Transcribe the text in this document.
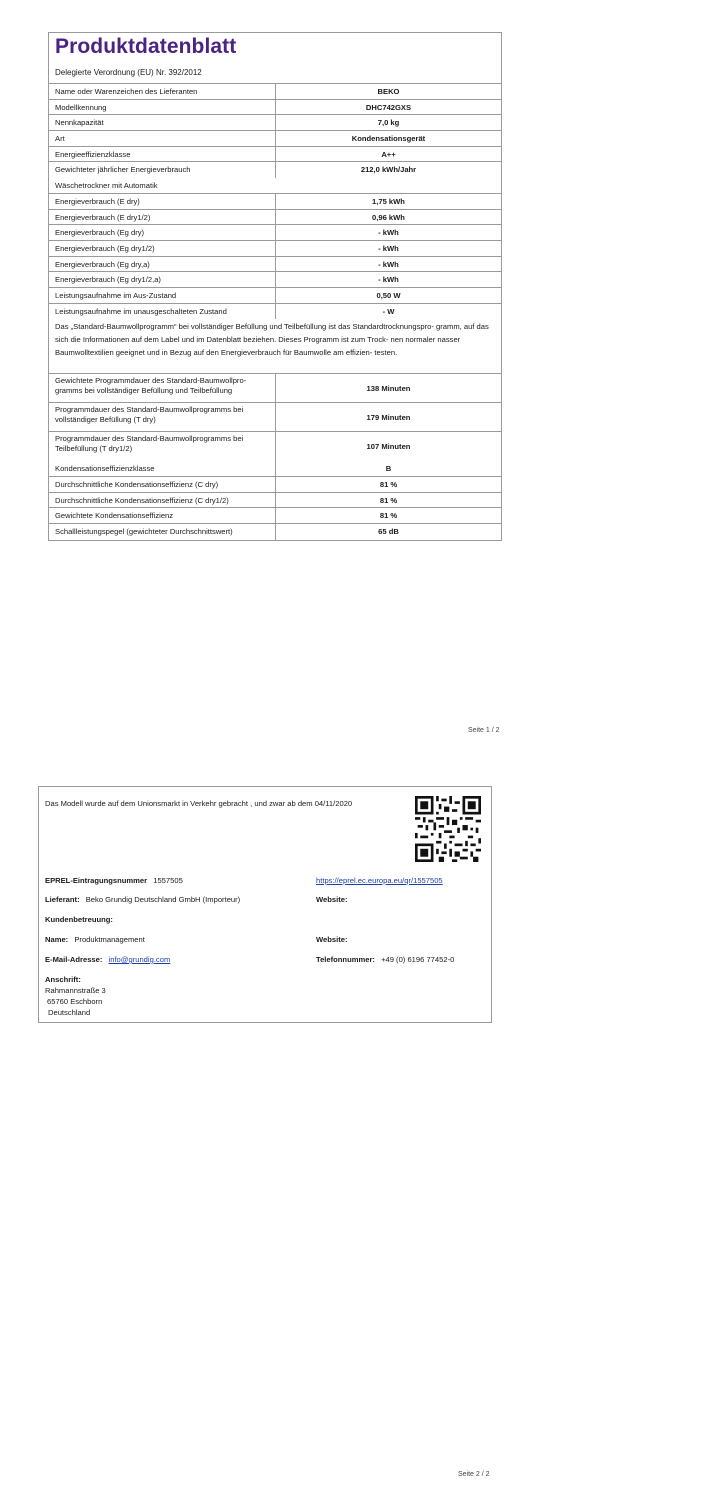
Produktdatenblatt
Delegierte Verordnung (EU) Nr. 392/2012
Name oder Warenzeichen des Lieferanten	BEKO
Modellkennung	DHC742GXS
Nennkapazität	7,0 kg
Art	Kondensationsgerät
Energieeffizienzklasse	A++
Gewichteter jährlicher Energieverbrauch	212,0 kWh/Jahr
Wäschetrockner mit Automatik
Energieverbrauch (E dry)	1,75 kWh
Energieverbrauch (E dry1/2)	0,96 kWh
Energieverbrauch (Eg dry)	- kWh
Energieverbrauch (Eg dry1/2)	- kWh
Energieverbrauch (Eg dry,a)	- kWh
Energieverbrauch (Eg dry1/2,a)	- kWh
Leistungsaufnahme im Aus-Zustand	0,50 W
Leistungsaufnahme im unausgeschalteten Zustand	- W
Das „Standard-Baumwollprogramm“ bei vollständiger Befüllung und Teilbefüllung ist das Standardtrocknungspro- gramm, auf das sich die Informationen auf dem Label und im Datenblatt beziehen. Dieses Programm ist zum Trock- nen normaler nasser Baumwolltextilien geeignet und in Bezug auf den Energieverbrauch für Baumwolle am effizien- testen.
Gewichtete Programmdauer des Standard-Baumwollpro- gramms bei vollständiger Befüllung und Teilbefüllung	138 Minuten
Programmdauer des Standard-Baumwollprogramms bei vollständiger Befüllung (T dry)	179 Minuten
Programmdauer des Standard-Baumwollprogramms bei Teilbefüllung (T dry1/2)	107 Minuten
Kondensationseffizienzklasse	B
Durchschnittliche Kondensationseffizienz (C dry)	81 %
Durchschnittliche Kondensationseffizienz (C dry1/2)	81 %
Gewichtete Kondensationseffizienz	81 %
Schallleistungspegel (gewichteter Durchschnittswert)	65 dB
Seite 1 / 2
Das Modell wurde auf dem Unionsmarkt in Verkehr gebracht , und zwar ab dem 04/11/2020
EPREL-Eintragungsnummer 1557505	https://eprel.ec.europa.eu/qr/1557505
Lieferant: Beko Grundig Deutschland GmbH (Importeur)	Website:
Kundenbetreuung:
Name: Produktmanagement	Website:
E-Mail-Adresse: info@grundig.com	Telefonnummer: +49 (0) 6196 77452-0
Anschrift:
Rahmannstraße 3
65760 Eschborn
Deutschland
Seite 2 / 2
